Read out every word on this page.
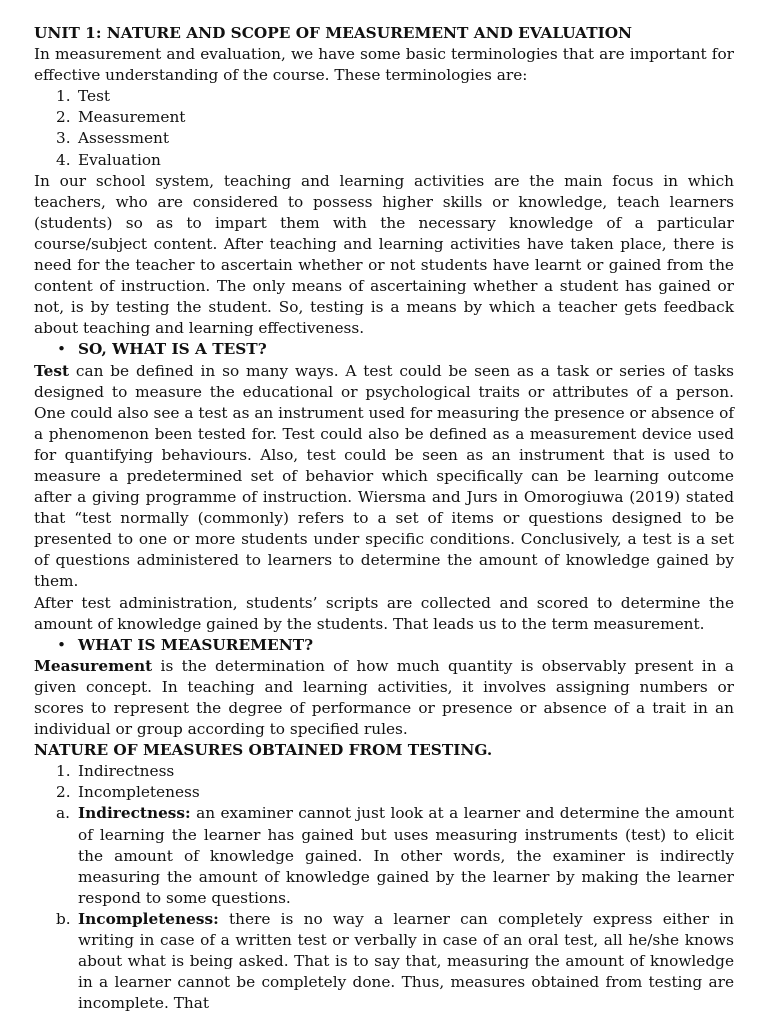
UNIT 1: NATURE AND SCOPE OF MEASUREMENT AND EVALUATION

In measurement and evaluation, we have some basic terminologies that are important for effective understanding of the course. These terminologies are:

1. Test
2. Measurement
3. Assessment
4. Evaluation

In our school system, teaching and learning activities are the main focus in which teachers, who are considered to possess higher skills or knowledge, teach learners (students) so as to impart them with the necessary knowledge of a particular course/subject content. After teaching and learning activities have taken place, there is need for the teacher to ascertain whether or not students have learnt or gained from the content of instruction. The only means of ascertaining whether a student has gained or not, is by testing the student. So, testing is a means by which a teacher gets feedback about teaching and learning effectiveness.

• SO, WHAT IS A TEST?

Test can be defined in so many ways. A test could be seen as a task or series of tasks designed to measure the educational or psychological traits or attributes of a person. One could also see a test as an instrument used for measuring the presence or absence of a phenomenon been tested for. Test could also be defined as a measurement device used for quantifying behaviours. Also, test could be seen as an instrument that is used to measure a predetermined set of behavior which specifically can be learning outcome after a giving programme of instruction. Wiersma and Jurs in Omorogiuwa (2019) stated that “test normally (commonly) refers to a set of items or questions designed to be presented to one or more students under specific conditions. Conclusively, a test is a set of questions administered to learners to determine the amount of knowledge gained by them.

After test administration, students’ scripts are collected and scored to determine the amount of knowledge gained by the students. That leads us to the term measurement.

• WHAT IS MEASUREMENT?

Measurement is the determination of how much quantity is observably present in a given concept. In teaching and learning activities, it involves assigning numbers or scores to represent the degree of performance or presence or absence of a trait in an individual or group according to specified rules.

NATURE OF MEASURES OBTAINED FROM TESTING.

1. Indirectness
2. Incompleteness
a. Indirectness: an examiner cannot just look at a learner and determine the amount of learning the learner has gained but uses measuring instruments (test) to elicit the amount of knowledge gained. In other words, the examiner is indirectly measuring the amount of knowledge gained by the learner by making the learner respond to some questions.
b. Incompleteness: there is no way a learner can completely express either in writing in case of a written test or verbally in case of an oral test, all he/she knows about what is being asked. That is to say that, measuring the amount of knowledge in a learner cannot be completely done. Thus, measures obtained from testing are incomplete. That
